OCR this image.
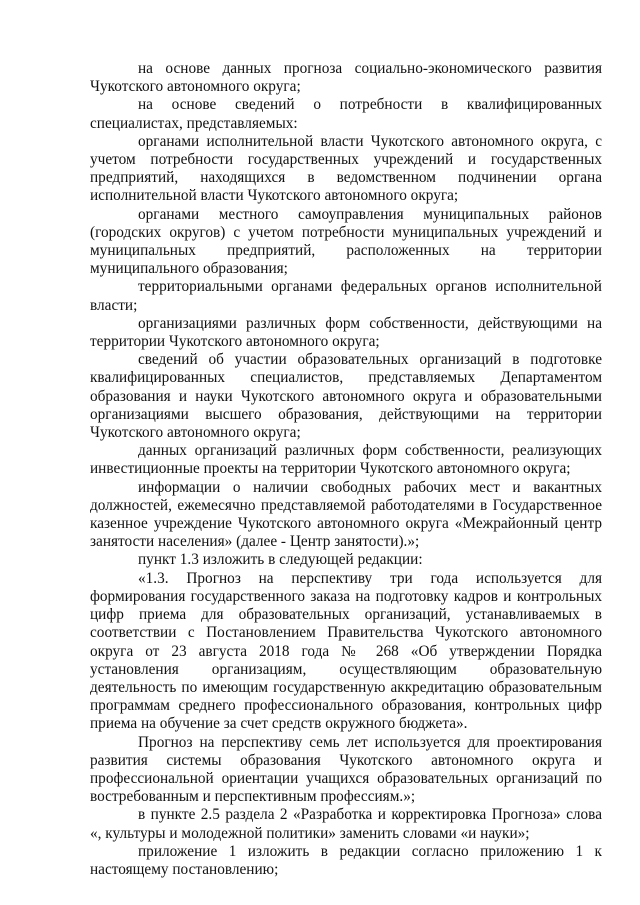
на основе данных прогноза социально-экономического развития Чукотского автономного округа;

на основе сведений о потребности в квалифицированных специалистах, представляемых:

органами исполнительной власти Чукотского автономного округа, с учетом потребности государственных учреждений и государственных предприятий, находящихся в ведомственном подчинении органа исполнительной власти Чукотского автономного округа;

органами местного самоуправления муниципальных районов (городских округов) с учетом потребности муниципальных учреждений и муниципальных предприятий, расположенных на территории муниципального образования;

территориальными органами федеральных органов исполнительной власти;

организациями различных форм собственности, действующими на территории Чукотского автономного округа;

сведений об участии образовательных организаций в подготовке квалифицированных специалистов, представляемых Департаментом образования и науки Чукотского автономного округа и образовательными организациями высшего образования, действующими на территории Чукотского автономного округа;

данных организаций различных форм собственности, реализующих инвестиционные проекты на территории Чукотского автономного округа;

информации о наличии свободных рабочих мест и вакантных должностей, ежемесячно представляемой работодателями в Государственное казенное учреждение Чукотского автономного округа «Межрайонный центр занятости населения» (далее - Центр занятости).»;

пункт 1.3 изложить в следующей редакции:

«1.3. Прогноз на перспективу три года используется для формирования государственного заказа на подготовку кадров и контрольных цифр приема для образовательных организаций, устанавливаемых в соответствии с Постановлением Правительства Чукотского автономного округа от 23 августа 2018 года № 268 «Об утверждении Порядка установления организациям, осуществляющим образовательную деятельность по имеющим государственную аккредитацию образовательным программам среднего профессионального образования, контрольных цифр приема на обучение за счет средств окружного бюджета».

Прогноз на перспективу семь лет используется для проектирования развития системы образования Чукотского автономного округа и профессиональной ориентации учащихся образовательных организаций по востребованным и перспективным профессиям.»;

в пункте 2.5 раздела 2 «Разработка и корректировка Прогноза» слова «, культуры и молодежной политики» заменить словами «и науки»;

приложение 1 изложить в редакции согласно приложению 1 к настоящему постановлению;
